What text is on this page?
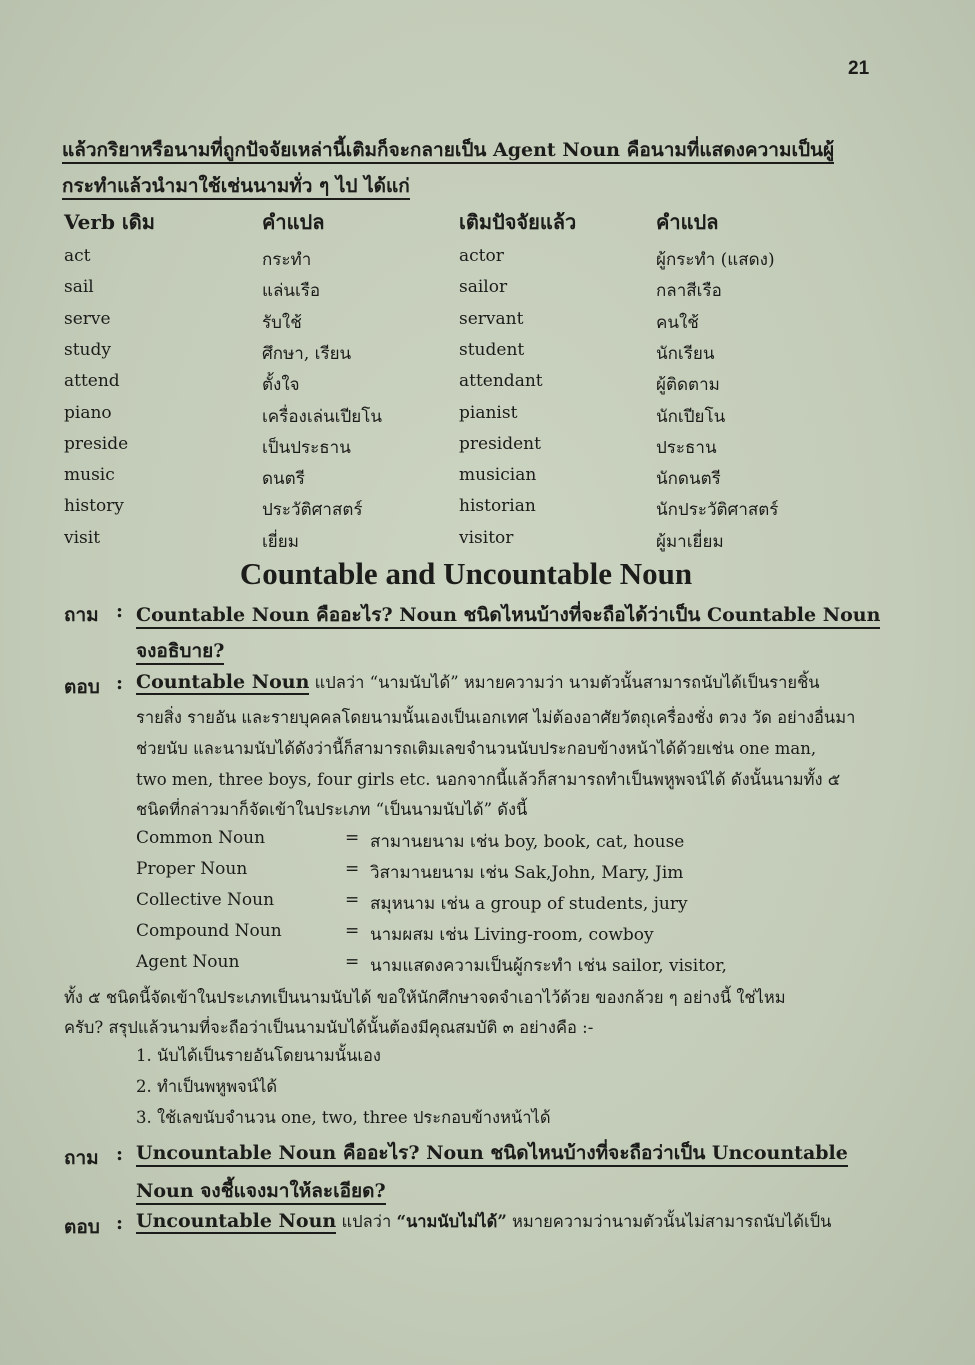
21
แล้วกริยาหรือนามที่ถูกปัจจัยเหล่านี้เติมก็จะกลายเป็น Agent Noun คือนามที่แสดงความเป็นผู้
กระทำแล้วนำมาใช้เช่นนามทั่ว ๆ ไป ได้แก่
Verb เดิม	คำแปล	เติมปัจจัยแล้ว	คำแปล
act	กระทำ	actor	ผู้กระทำ (แสดง)
sail	แล่นเรือ	sailor	กลาสีเรือ
serve	รับใช้	servant	คนใช้
study	ศึกษา, เรียน	student	นักเรียน
attend	ตั้งใจ	attendant	ผู้ติดตาม
piano	เครื่องเล่นเปียโน	pianist	นักเปียโน
preside	เป็นประธาน	president	ประธาน
music	ดนตรี	musician	นักดนตรี
history	ประวัติศาสตร์	historian	นักประวัติศาสตร์
visit	เยี่ยม	visitor	ผู้มาเยี่ยม
Countable and Uncountable Noun
ถาม : Countable Noun คืออะไร? Noun ชนิดไหนบ้างที่จะถือได้ว่าเป็น Countable Noun
จงอธิบาย?
ตอบ : Countable Noun แปลว่า “นามนับได้” หมายความว่า นามตัวนั้นสามารถนับได้เป็นรายชิ้น
รายสิ่ง รายอัน และรายบุคคลโดยนามนั้นเองเป็นเอกเทศ ไม่ต้องอาศัยวัตถุเครื่องชั่ง ตวง วัด อย่างอื่นมา
ช่วยนับ และนามนับได้ดังว่านี้ก็สามารถเติมเลขจำนวนนับประกอบข้างหน้าได้ด้วยเช่น one man,
two men, three boys, four girls etc. นอกจากนี้แล้วก็สามารถทำเป็นพหูพจน์ได้ ดังนั้นนามทั้ง ๕
ชนิดที่กล่าวมาก็จัดเข้าในประเภท “เป็นนามนับได้” ดังนี้
Common Noun	= สามานยนาม เช่น boy, book, cat, house
Proper Noun	= วิสามานยนาม เช่น Sak,John, Mary, Jim
Collective Noun	= สมุหนาม เช่น a group of students, jury
Compound Noun	= นามผสม เช่น Living-room, cowboy
Agent Noun	= นามแสดงความเป็นผู้กระทำ เช่น sailor, visitor,
ทั้ง ๕ ชนิดนี้จัดเข้าในประเภทเป็นนามนับได้ ขอให้นักศึกษาจดจำเอาไว้ด้วย ของกล้วย ๆ อย่างนี้ ใช่ไหม
ครับ? สรุปแล้วนามที่จะถือว่าเป็นนามนับได้นั้นต้องมีคุณสมบัติ ๓ อย่างคือ :-
1. นับได้เป็นรายอันโดยนามนั้นเอง
2. ทำเป็นพหูพจน์ได้
3. ใช้เลขนับจำนวน one, two, three ประกอบข้างหน้าได้
ถาม : Uncountable Noun คืออะไร? Noun ชนิดไหนบ้างที่จะถือว่าเป็น Uncountable
Noun จงชี้แจงมาให้ละเอียด?
ตอบ : Uncountable Noun แปลว่า “นามนับไม่ได้” หมายความว่านามตัวนั้นไม่สามารถนับได้เป็น
